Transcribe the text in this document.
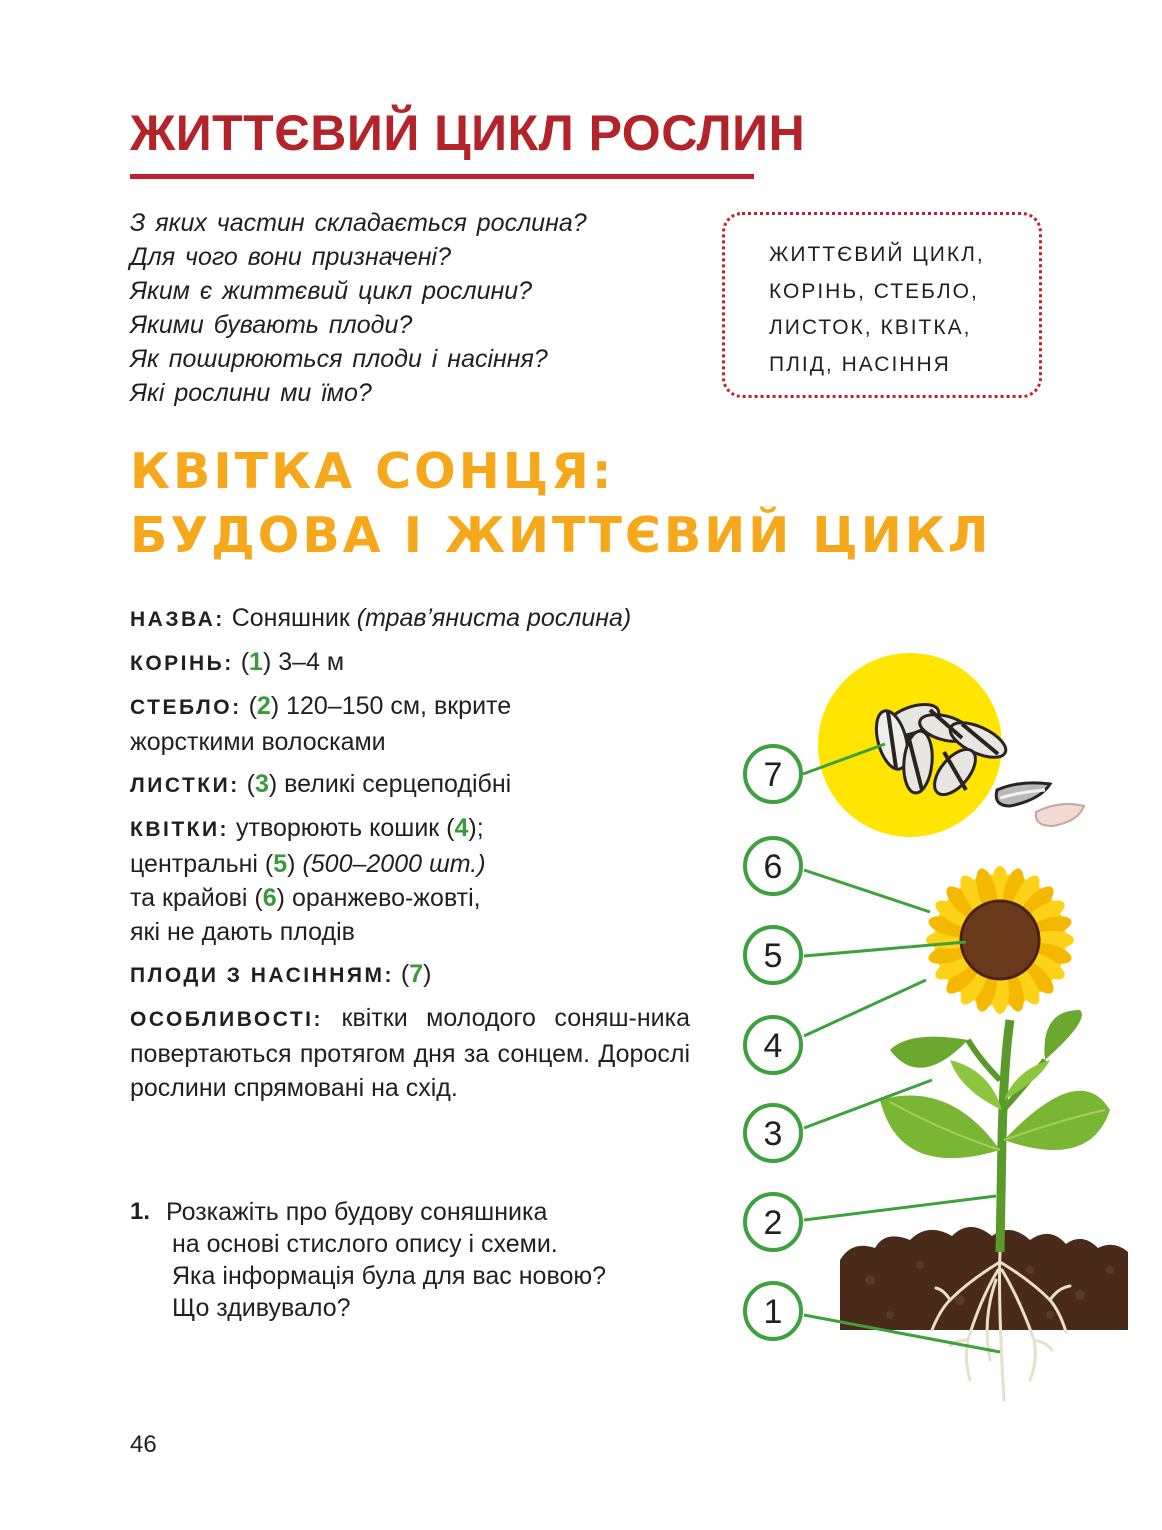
ЖИТТЄВИЙ ЦИКЛ РОСЛИН
З яких частин складається рослина?
Для чого вони призначені?
Яким є життєвий цикл рослини?
Якими бувають плоди?
Як поширюються плоди і насіння?
Які рослини ми їмо?
ЖИТТЄВИЙ ЦИКЛ,
КОРІНЬ, СТЕБЛО,
ЛИСТОК, КВІТКА,
ПЛІД, НАСІННЯ
КВІТКА СОНЦЯ:
БУДОВА І ЖИТТЄВИЙ ЦИКЛ
НАЗВА: Соняшник (трав’яниста рослина)
КОРІНЬ: (1) 3–4 м
СТЕБЛО: (2) 120–150 см, вкрите
жорсткими волосками
ЛИСТКИ: (3) великі серцеподібні
КВІТКИ: утворюють кошик (4);
центральні (5) (500–2000 шт.)
та крайові (6) оранжево-жовті,
які не дають плодів
ПЛОДИ З НАСІННЯМ: (7)
ОСОБЛИВОСТІ: квітки молодого соняш-ника повертаються протягом дня за сонцем. Дорослі рослини спрямовані на схід.
1. Розкажіть про будову соняшника
на основі стислого опису і схеми.
Яка інформація була для вас новою?
Що здивувало?
46
7
6
5
4
3
2
1
